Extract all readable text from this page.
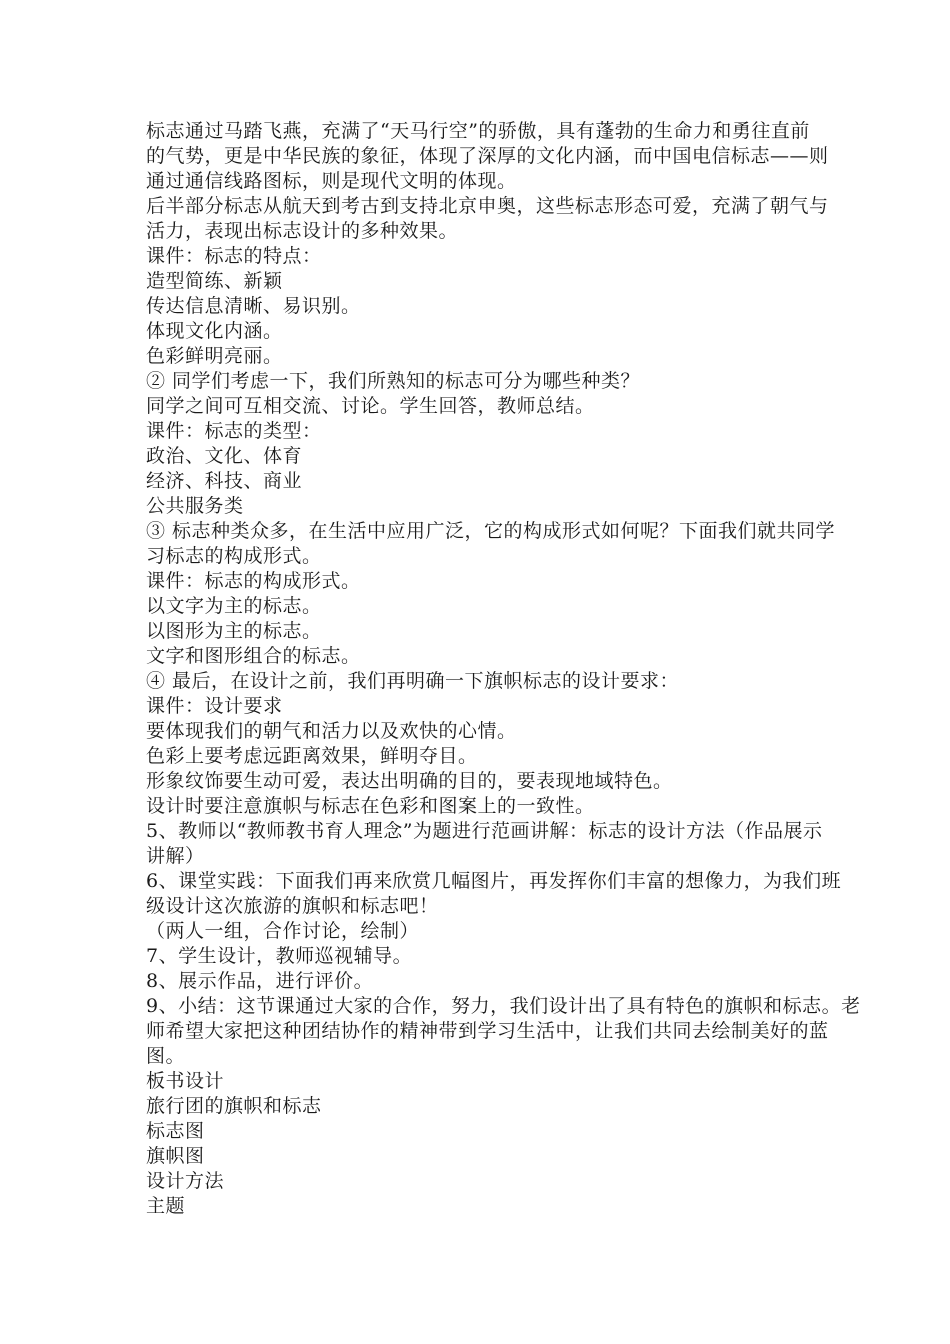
标志通过马踏飞燕，充满了“天马行空”的骄傲，具有蓬勃的生命力和勇往直前
的气势，更是中华民族的象征，体现了深厚的文化内涵，而中国电信标志——则
通过通信线路图标，则是现代文明的体现。
后半部分标志从航天到考古到支持北京申奥，这些标志形态可爱，充满了朝气与
活力，表现出标志设计的多种效果。
课件：标志的特点：
造型简练、新颖
传达信息清晰、易识别。
体现文化内涵。
色彩鲜明亮丽。
② 同学们考虑一下，我们所熟知的标志可分为哪些种类？
同学之间可互相交流、讨论。学生回答，教师总结。
课件：标志的类型：
政治、文化、体育
经济、科技、商业
公共服务类
③ 标志种类众多，在生活中应用广泛，它的构成形式如何呢？下面我们就共同学
习标志的构成形式。
课件：标志的构成形式。
以文字为主的标志。
以图形为主的标志。
文字和图形组合的标志。
④ 最后，在设计之前，我们再明确一下旗帜标志的设计要求：
课件：设计要求
要体现我们的朝气和活力以及欢快的心情。
色彩上要考虑远距离效果，鲜明夺目。
形象纹饰要生动可爱，表达出明确的目的，要表现地域特色。
设计时要注意旗帜与标志在色彩和图案上的一致性。
5、教师以“教师教书育人理念”为题进行范画讲解：标志的设计方法（作品展示
讲解）
6、课堂实践：下面我们再来欣赏几幅图片，再发挥你们丰富的想像力，为我们班
级设计这次旅游的旗帜和标志吧！
（两人一组，合作讨论，绘制）
7、学生设计，教师巡视辅导。
8、展示作品，进行评价。
9、小结：这节课通过大家的合作，努力，我们设计出了具有特色的旗帜和标志。老
师希望大家把这种团结协作的精神带到学习生活中，让我们共同去绘制美好的蓝
图。
板书设计
旅行团的旗帜和标志
标志图
旗帜图
设计方法
主题
